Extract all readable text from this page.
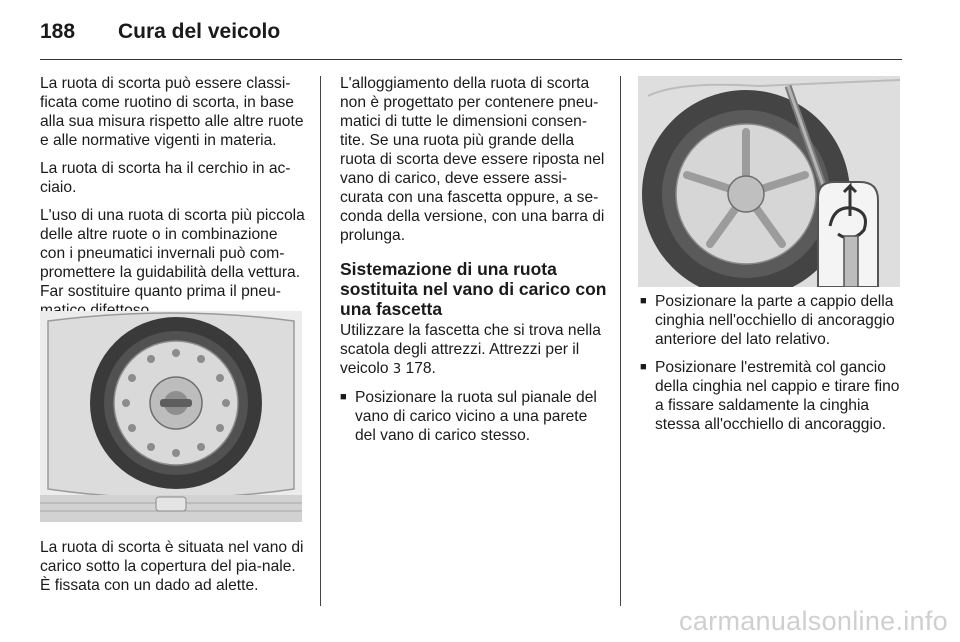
188 Cura del veicolo

La ruota di scorta può essere classi-ficata come ruotino di scorta, in base alla sua misura rispetto alle altre ruote e alle normative vigenti in materia.

La ruota di scorta ha il cerchio in ac-ciaio.

L'uso di una ruota di scorta più piccola delle altre ruote o in combinazione con i pneumatici invernali può com-promettere la guidabilità della vettura. Far sostituire quanto prima il pneu-

La ruota di scorta è situata nel vano di carico sotto la copertura del pia-nale. È fissata con un dado ad alette.

L'alloggiamento della ruota di scorta non è progettato per contenere pneu-matici di tutte le dimensioni consen-tite. Se una ruota più grande della ruota di scorta deve essere riposta nel vano di carico, deve essere assi-curata con una fascetta oppure, a se-conda della versione, con una barra di prolunga.

Sistemazione di una ruota sostituita nel vano di carico con una fascetta

Utilizzare la fascetta che si trova nella scatola degli attrezzi. Attrezzi per il veicolo 3 178.

■ Posizionare la ruota sul pianale del vano di carico vicino a una parete del vano di carico stesso.
■ Posizionare la parte a cappio della cinghia nell'occhiello di ancoraggio anteriore del lato relativo.
■ Posizionare l'estremità col gancio della cinghia nel cappio e tirare fino a fissare saldamente la cinghia stessa all'occhiello di ancoraggio.
carmanualsonline.info
